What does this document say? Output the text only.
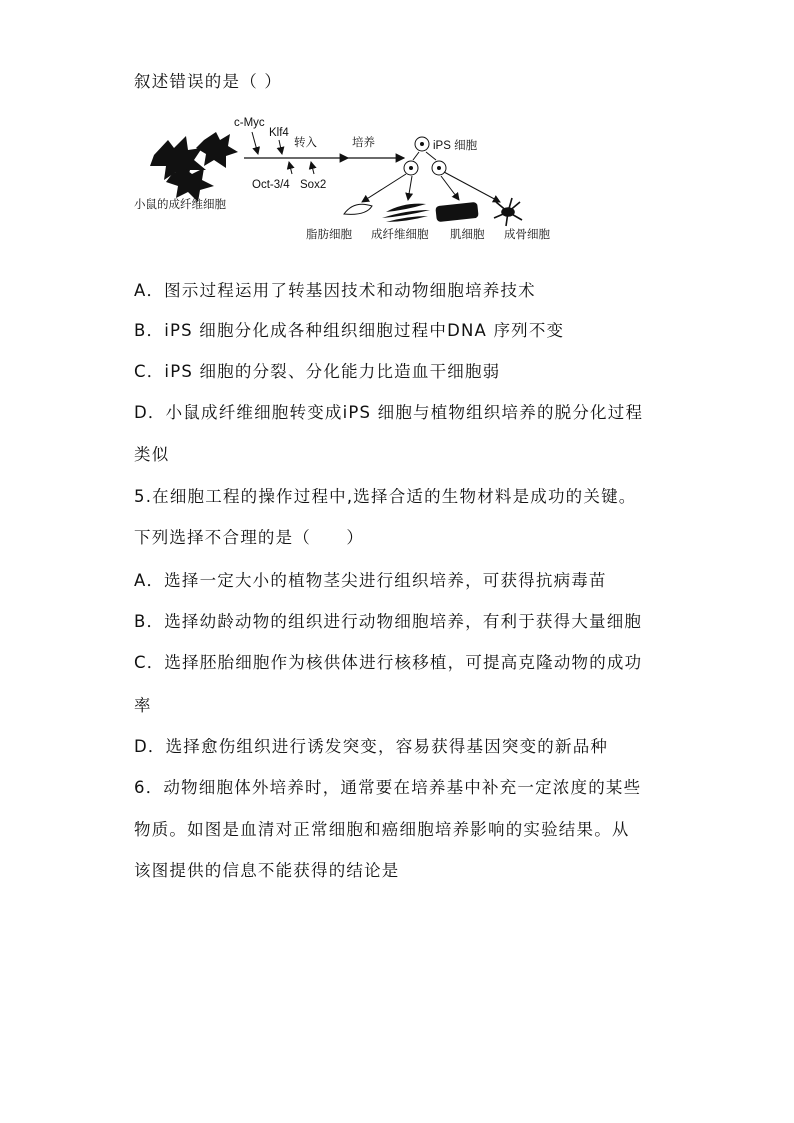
叙述错误的是（ ）
小鼠的成纤维细胞
c-Myc
Klf4
转入
Oct-3/4 Sox2
培养	iPS 细胞
脂肪细胞 成纤维细胞 肌细胞 成骨细胞
A．图示过程运用了转基因技术和动物细胞培养技术
B．iPS 细胞分化成各种组织细胞过程中DNA 序列不变
C．iPS 细胞的分裂、分化能力比造血干细胞弱
D．小鼠成纤维细胞转变成iPS 细胞与植物组织培养的脱分化过程
类似
5.在细胞工程的操作过程中,选择合适的生物材料是成功的关键。
下列选择不合理的是（　　）
A．选择一定大小的植物茎尖进行组织培养，可获得抗病毒苗
B．选择幼龄动物的组织进行动物细胞培养，有利于获得大量细胞
C．选择胚胎细胞作为核供体进行核移植，可提高克隆动物的成功
率
D．选择愈伤组织进行诱发突变，容易获得基因突变的新品种
6．动物细胞体外培养时，通常要在培养基中补充一定浓度的某些
物质。如图是血清对正常细胞和癌细胞培养影响的实验结果。从
该图提供的信息不能获得的结论是
